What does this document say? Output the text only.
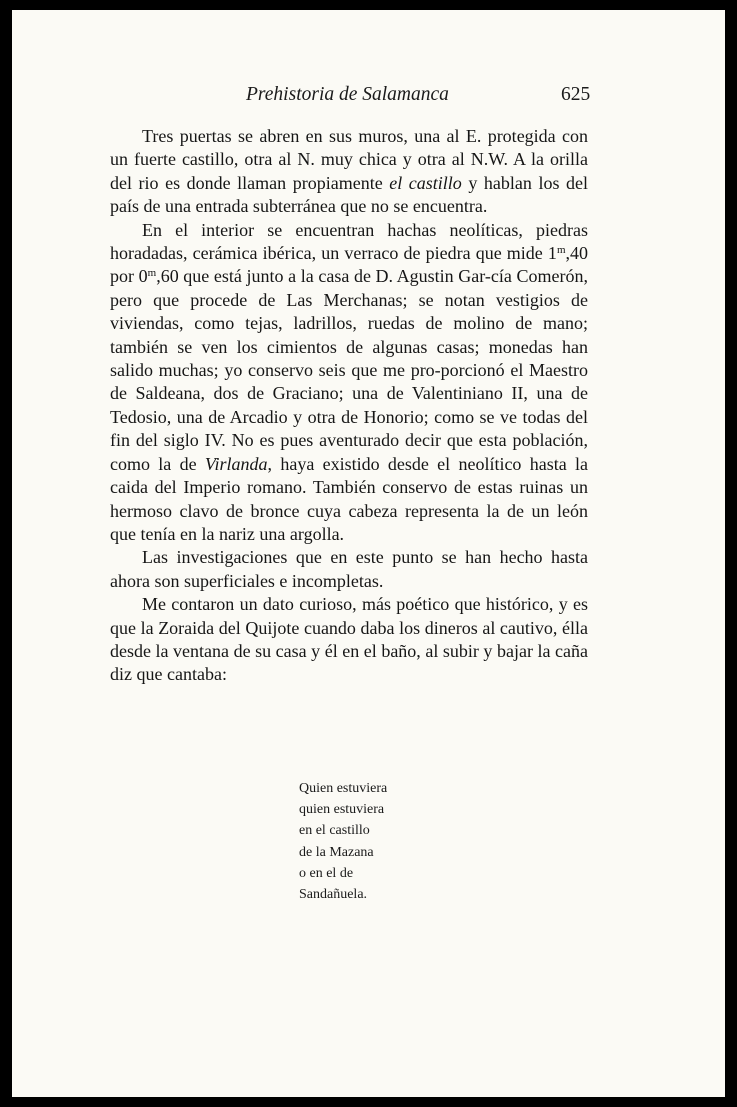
Prehistoria de Salamanca	625

Tres puertas se abren en sus muros, una al E. protegida con un fuerte castillo, otra al N. muy chica y otra al N.W. A la orilla del rio es donde llaman propiamente el castillo y hablan los del país de una entrada subterránea que no se encuentra.

En el interior se encuentran hachas neolíticas, piedras horadadas, cerámica ibérica, un verraco de piedra que mide 1$^m$,40 por 0$^m$,60 que está junto a la casa de D. Agustin Gar-cía Comerón, pero que procede de Las Merchanas; se notan vestigios de viviendas, como tejas, ladrillos, ruedas de molino de mano; también se ven los cimientos de algunas casas; monedas han salido muchas; yo conservo seis que me pro-porcionó el Maestro de Saldeana, dos de Graciano; una de Valentiniano II, una de Tedosio, una de Arcadio y otra de Honorio; como se ve todas del fin del siglo IV. No es pues aventurado decir que esta población, como la de Virlanda, haya existido desde el neolítico hasta la caida del Imperio romano. También conservo de estas ruinas un hermoso clavo de bronce cuya cabeza representa la de un león que tenía en la nariz una argolla.

Las investigaciones que en este punto se han hecho hasta ahora son superficiales e incompletas.

Me contaron un dato curioso, más poético que histórico, y es que la Zoraida del Quijote cuando daba los dineros al cautivo, élla desde la ventana de su casa y él en el baño, al subir y bajar la caña diz que cantaba:

Quien estuviera
quien estuviera
en el castillo
de la Mazana
o en el de
Sandañuela.
